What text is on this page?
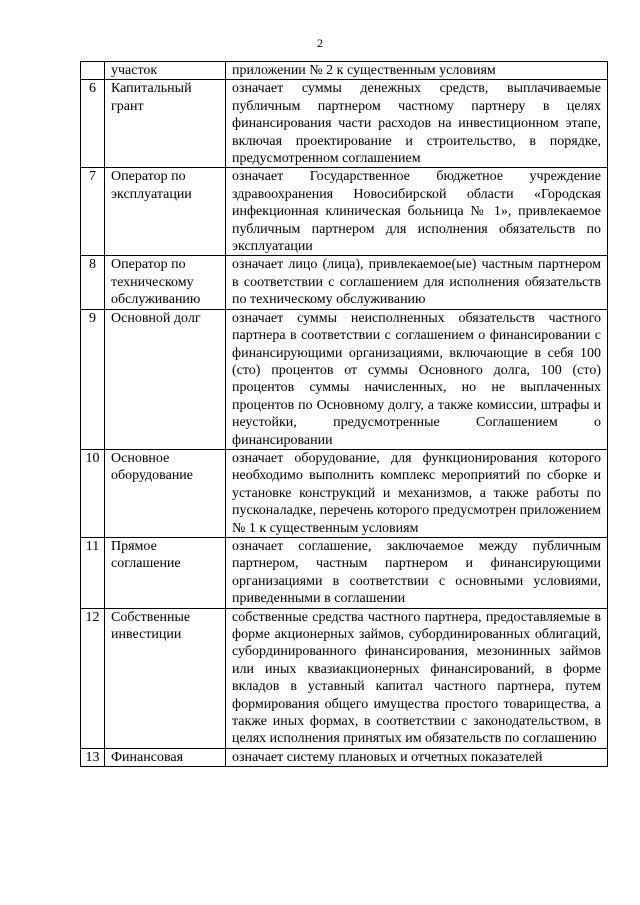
2
	участок	приложении № 2 к существенным условиям
6	Капитальный грант	означает суммы денежных средств, выплачиваемые публичным партнером частному партнеру в целях финансирования части расходов на инвестиционном этапе, включая проектирование и строительство, в порядке, предусмотренном соглашением
7	Оператор по эксплуатации	означает Государственное бюджетное учреждение здравоохранения Новосибирской области «Городская инфекционная клиническая больница № 1», привлекаемое публичным партнером для исполнения обязательств по эксплуатации
8	Оператор по техническому обслуживанию	означает лицо (лица), привлекаемое(ые) частным партнером в соответствии с соглашением для исполнения обязательств по техническому обслуживанию
9	Основной долг	означает суммы неисполненных обязательств частного партнера в соответствии с соглашением о финансировании с финансирующими организациями, включающие в себя 100 (сто) процентов от суммы Основного долга, 100 (сто) процентов суммы начисленных, но не выплаченных процентов по Основному долгу, а также комиссии, штрафы и неустойки, предусмотренные Соглашением о финансировании
10	Основное оборудование	означает оборудование, для функционирования которого необходимо выполнить комплекс мероприятий по сборке и установке конструкций и механизмов, а также работы по пусконаладке, перечень которого предусмотрен приложением № 1 к существенным условиям
11	Прямое соглашение	означает соглашение, заключаемое между публичным партнером, частным партнером и финансирующими организациями в соответствии с основными условиями, приведенными в соглашении
12	Собственные инвестиции	собственные средства частного партнера, предоставляемые в форме акционерных займов, субординированных облигаций, субординированного финансирования, мезонинных займов или иных квазиакционерных финансирований, в форме вкладов в уставный капитал частного партнера, путем формирования общего имущества простого товарищества, а также иных формах, в соответствии с законодательством, в целях исполнения принятых им обязательств по соглашению
13	Финансовая	означает систему плановых и отчетных показателей
